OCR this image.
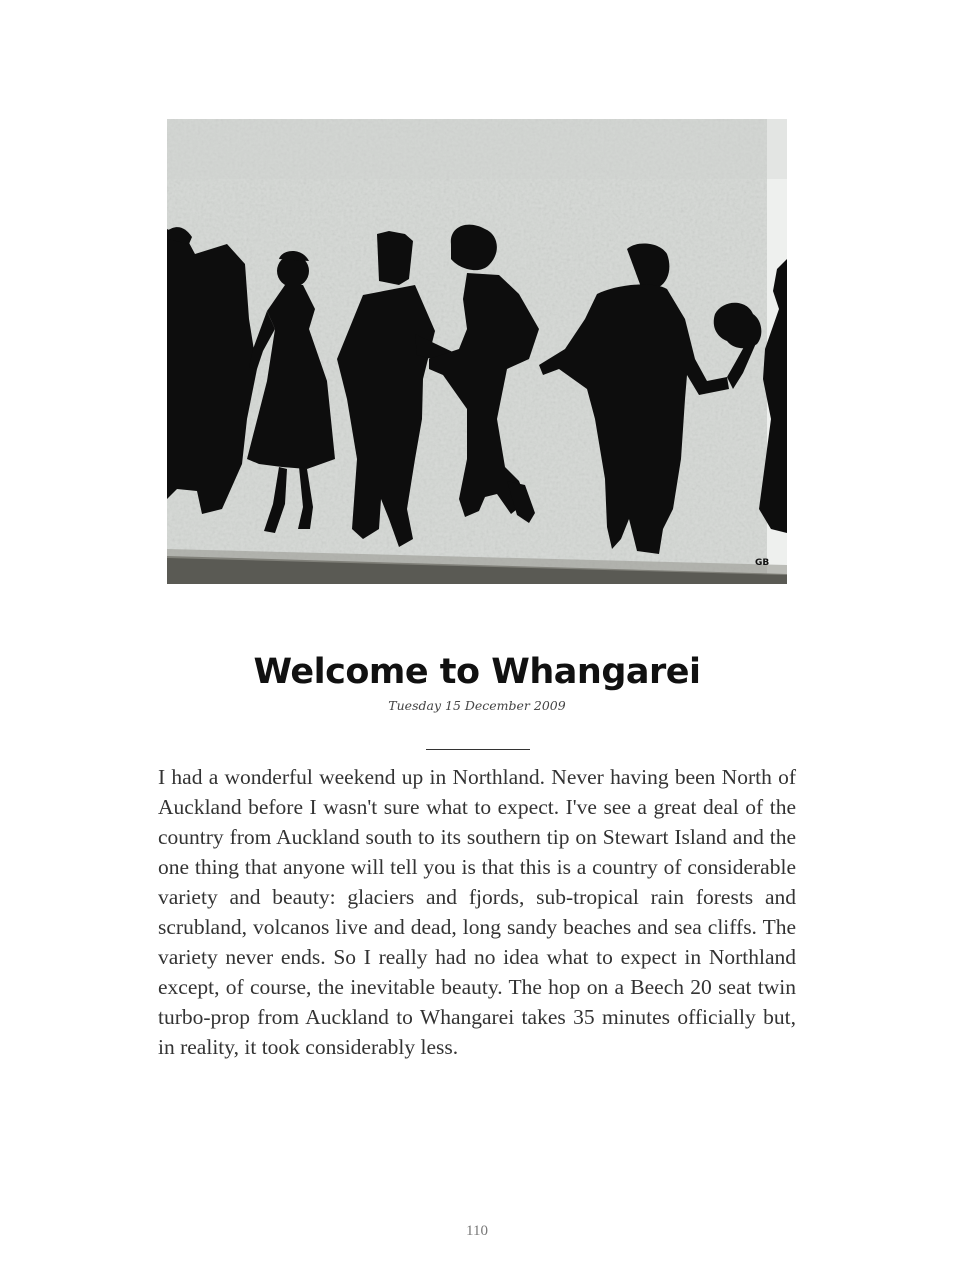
GB
Welcome to Whangarei
Tuesday 15 December 2009

I had a wonderful weekend up in Northland. Never having been North of Auckland before I wasn't sure what to expect. I've see a great deal of the country from Auckland south to its southern tip on Stewart Island and the one thing that anyone will tell you is that this is a country of considerable variety and beauty: glaciers and fjords, sub-tropical rain forests and scrubland, volcanos live and dead, long sandy beaches and sea cliffs. The variety never ends. So I really had no idea what to expect in Northland except, of course, the inevitable beauty. The hop on a Beech 20 seat twin turbo-prop from Auckland to Whangarei takes 35 minutes officially but, in reality, it took considerably less.

110
